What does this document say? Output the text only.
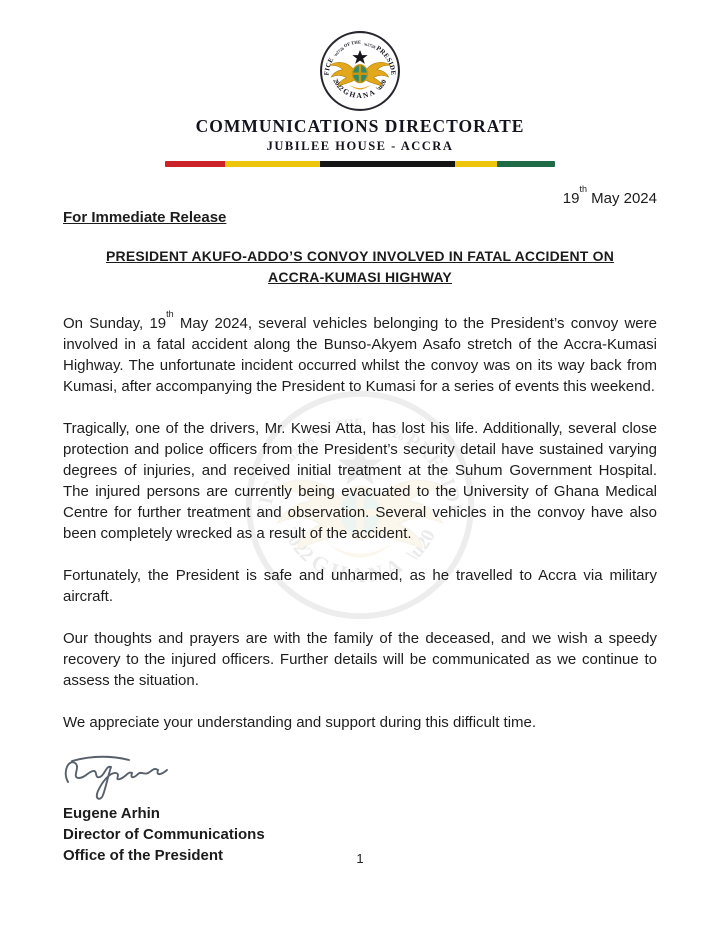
COMMUNICATIONS DIRECTORATE
JUBILEE HOUSE - ACCRA
19th May 2024
For Immediate Release
PRESIDENT AKUFO-ADDO’S CONVOY INVOLVED IN FATAL ACCIDENT ON
ACCRA-KUMASI HIGHWAY

On Sunday, 19th May 2024, several vehicles belonging to the President’s convoy were involved in a fatal accident along the Bunso-Akyem Asafo stretch of the Accra-Kumasi Highway. The unfortunate incident occurred whilst the convoy was on its way back from Kumasi, after accompanying the President to Kumasi for a series of events this weekend.

Tragically, one of the drivers, Mr. Kwesi Atta, has lost his life. Additionally, several close protection and police officers from the President’s security detail have sustained varying degrees of injuries, and received initial treatment at the Suhum Government Hospital. The injured persons are currently being evacuated to the University of Ghana Medical Centre for further treatment and observation. Several vehicles in the convoy have also been completely wrecked as a result of the accident.

Fortunately, the President is safe and unharmed, as he travelled to Accra via military aircraft.

Our thoughts and prayers are with the family of the deceased, and we wish a speedy recovery to the injured officers. Further details will be communicated as we continue to assess the situation.

We appreciate your understanding and support during this difficult time.

Eugene Arhin
Director of Communications
Office of the President	1
